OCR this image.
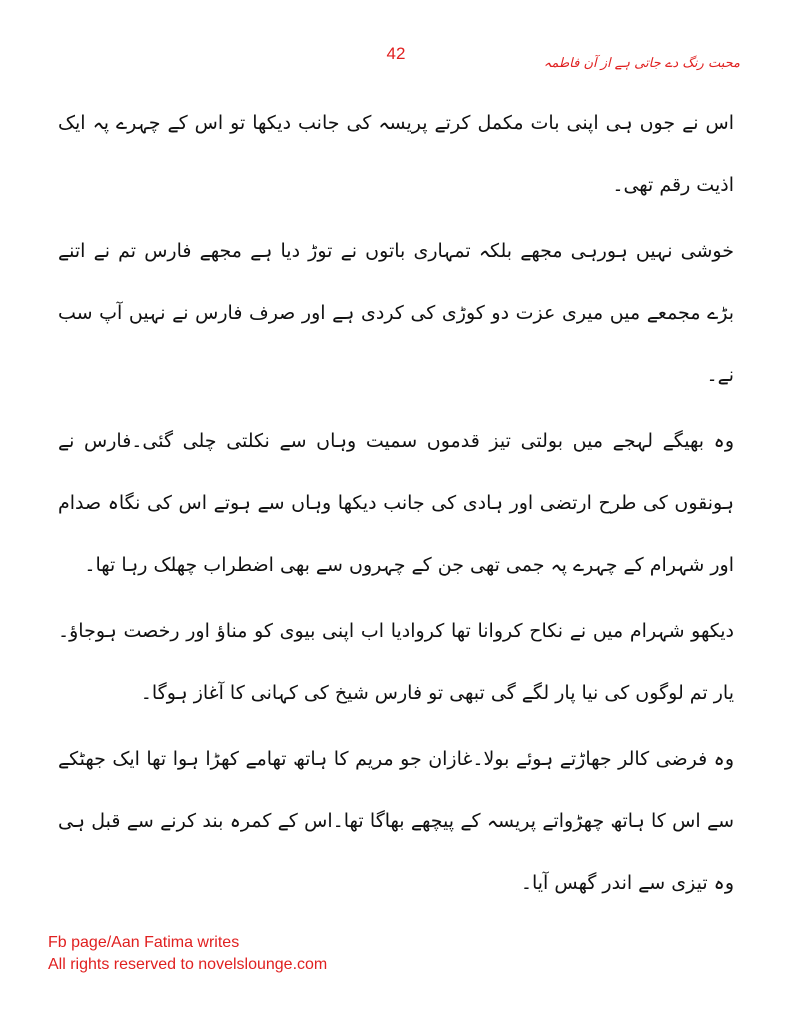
42
محبت رنگ دے جاتی ہے از آن فاطمہ

اس نے جوں ہی اپنی بات مکمل کرتے پریسہ کی جانب دیکھا تو اس کے چہرے پہ ایک اذیت رقم تھی۔

خوشی نہیں ہورہی مجھے بلکہ تمہاری باتوں نے توڑ دیا ہے مجھے فارس تم نے اتنے بڑے مجمعے میں میری عزت دو کوڑی کی کردی ہے اور صرف فارس نے نہیں آپ سب نے۔

وہ بھیگے لہجے میں بولتی تیز قدموں سمیت وہاں سے نکلتی چلی گئی۔فارس نے ہونقوں کی طرح ارتضی اور ہادی کی جانب دیکھا وہاں سے ہوتے اس کی نگاہ صدام اور شہرام کے چہرے پہ جمی تھی جن کے چہروں سے بھی اضطراب چھلک رہا تھا۔

دیکھو شہرام میں نے نکاح کروانا تھا کروادیا اب اپنی بیوی کو مناؤ اور رخصت ہوجاؤ۔یار تم لوگوں کی نیا پار لگے گی تبھی تو فارس شیخ کی کہانی کا آغاز ہوگا۔

وہ فرضی کالر جھاڑتے ہوئے بولا۔غازان جو مریم کا ہاتھ تھامے کھڑا ہوا تھا ایک جھٹکے سے اس کا ہاتھ چھڑواتے پریسہ کے پیچھے بھاگا تھا۔اس کے کمرہ بند کرنے سے قبل ہی وہ تیزی سے اندر گھس آیا۔

Fb page/Aan Fatima writes
All rights reserved to novelslounge.com
